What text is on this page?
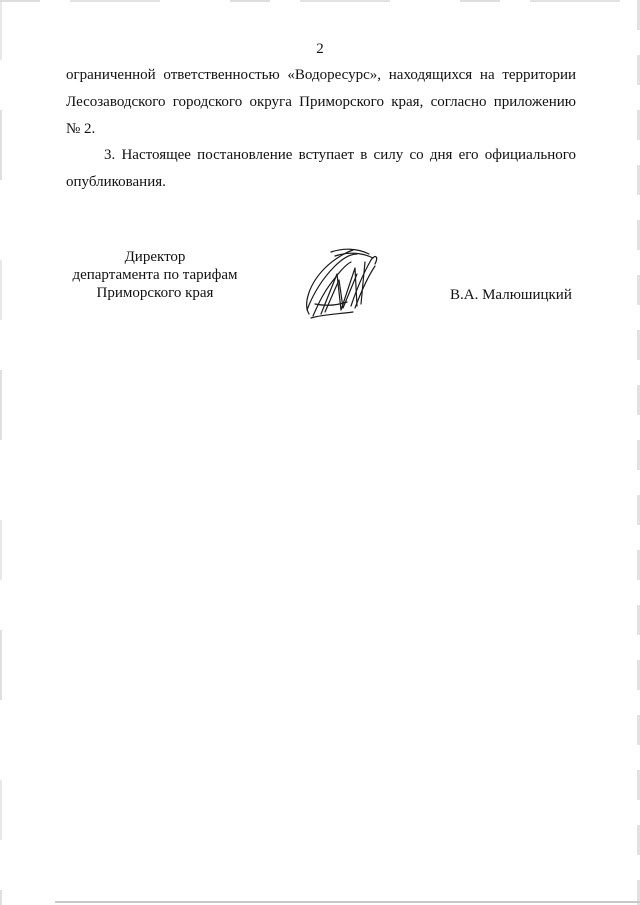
2
ограниченной ответственностью «Водоресурс», находящихся на территории
Лесозаводского городского округа Приморского края, согласно приложению
№ 2.
3. Настоящее постановление вступает в силу со дня его официального
опубликования.
Директор
департамента по тарифам
Приморского края	В.А. Малюшицкий
